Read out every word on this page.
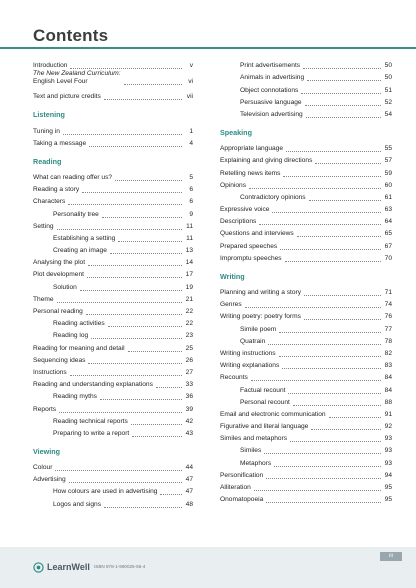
Contents
Introduction	v
The New Zealand Curriculum:
English Level Four	vi
Text and picture credits	vii
Listening
Tuning in	1
Taking a message	4
Reading
What can reading offer us?	5
Reading a story	6
Characters	6
Personality tree	9
Setting	11
Establishing a setting	11
Creating an image	13
Analysing the plot	14
Plot development	17
Solution	19
Theme	21
Personal reading	22
Reading activities	22
Reading log	23
Reading for meaning and detail	25
Sequencing ideas	26
Instructions	27
Reading and understanding explanations	33
Reading myths	36
Reports	39
Reading technical reports	42
Preparing to write a report	43
Viewing
Colour	44
Advertising	47
How colours are used in advertising	47
Logos and signs	48
Print advertisements	50
Animals in advertising	50
Object connotations	51
Persuasive language	52
Television advertising	54
Speaking
Appropriate language	55
Explaining and giving directions	57
Retelling news items	59
Opinions	60
Contradictory opinions	61
Expressive voice	63
Descriptions	64
Questions and interviews	65
Prepared speeches	67
Impromptu speeches	70
Writing
Planning and writing a story	71
Genres	74
Writing poetry: poetry forms	76
Simile poem	77
Quatrain	78
Writing instructions	82
Writing explanations	83
Recounts	84
Factual recount	84
Personal recount	88
Email and electronic communication	91
Figurative and literal language	92
Similes and metaphors	93
Similes	93
Metaphors	93
Personification	94
Alliteration	95
Onomatopoeia	95
LearnWell ISBN 978-1-990025-65-4
iii
